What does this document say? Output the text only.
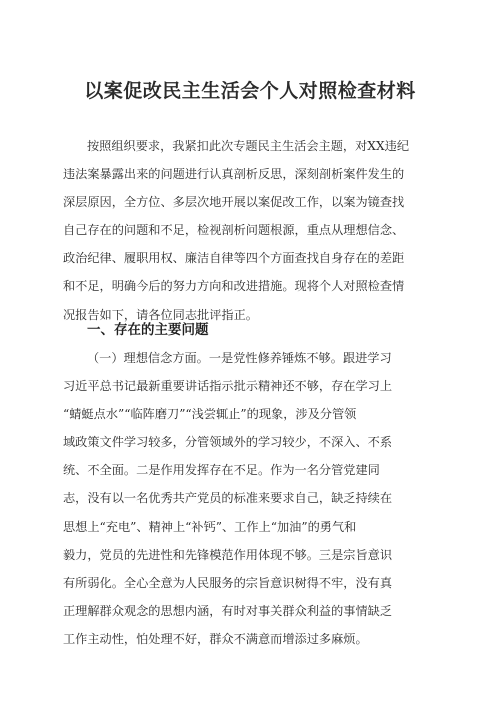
以案促改民主生活会个人对照检查材料
按照组织要求，我紧扣此次专题民主生活会主题，对XX违纪
违法案暴露出来的问题进行认真剖析反思，深刻剖析案件发生的
深层原因，全方位、多层次地开展以案促改工作，以案为镜查找
自己存在的问题和不足，检视剖析问题根源，重点从理想信念、
政治纪律、履职用权、廉洁自律等四个方面查找自身存在的差距
和不足，明确今后的努力方向和改进措施。现将个人对照检查情
况报告如下，请各位同志批评指正。
一、存在的主要问题
（一）理想信念方面。一是党性修养锤炼不够。跟进学习
习近平总书记最新重要讲话指示批示精神还不够，存在学习上
“蜻蜓点水”“临阵磨刀”“浅尝辄止”的现象，涉及分管领
域政策文件学习较多，分管领域外的学习较少，不深入、不系
统、不全面。二是作用发挥存在不足。作为一名分管党建同
志，没有以一名优秀共产党员的标准来要求自己，缺乏持续在
思想上“充电”、精神上“补钙”、工作上“加油”的勇气和
毅力，党员的先进性和先锋模范作用体现不够。三是宗旨意识
有所弱化。全心全意为人民服务的宗旨意识树得不牢，没有真
正理解群众观念的思想内涵，有时对事关群众利益的事情缺乏
工作主动性，怕处理不好，群众不满意而增添过多麻烦。
